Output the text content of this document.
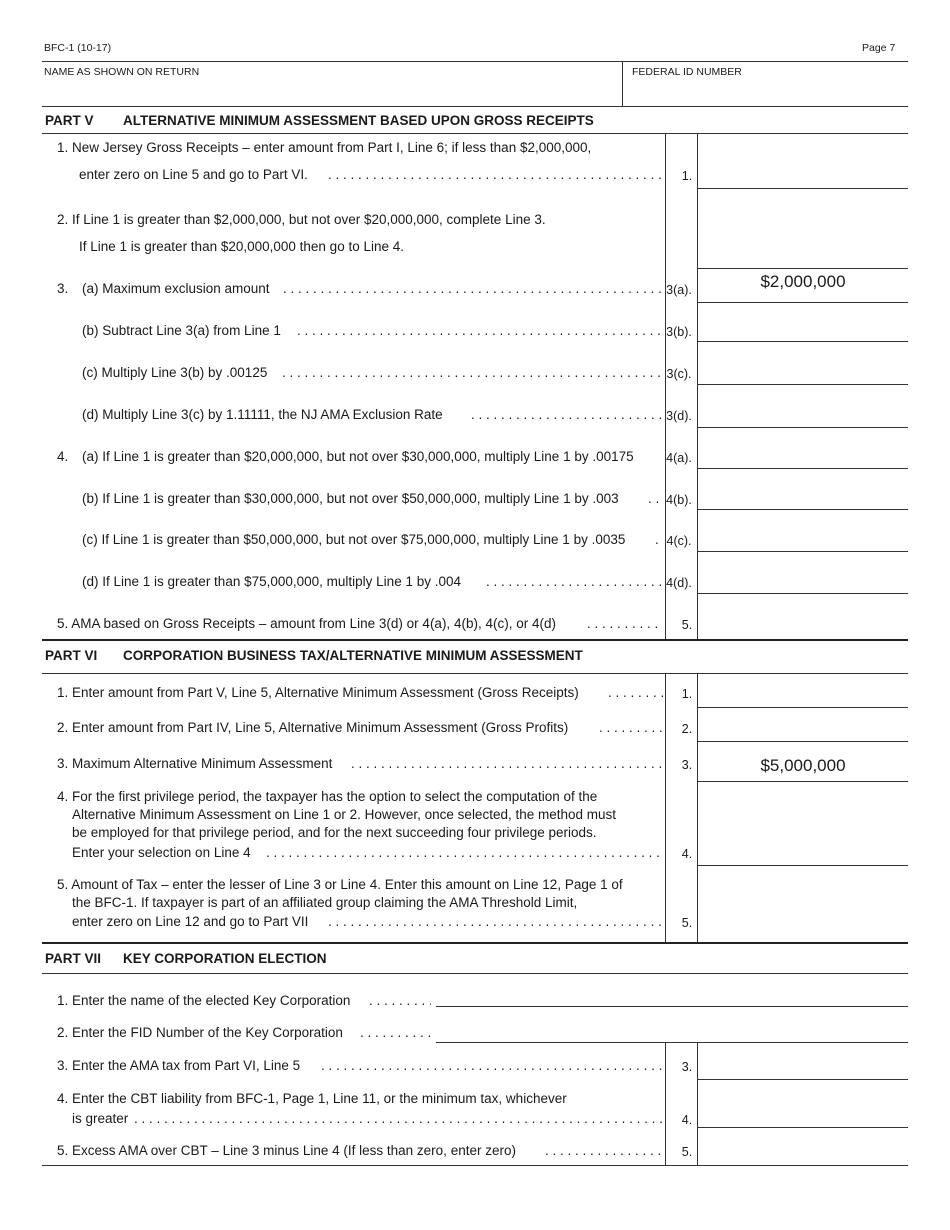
BFC-1 (10-17)	Page 7
NAME AS SHOWN ON RETURN	FEDERAL ID NUMBER
PART V ALTERNATIVE MINIMUM ASSESSMENT BASED UPON GROSS RECEIPTS
1. New Jersey Gross Receipts – enter amount from Part I, Line 6; if less than $2,000,000,
enter zero on Line 5 and go to Part VI. . . .	1.
2. If Line 1 is greater than $2,000,000, but not over $20,000,000, complete Line 3.
If Line 1 is greater than $20,000,000 then go to Line 4.
3. (a) Maximum exclusion amount . . .	3(a).	$2,000,000
(b) Subtract Line 3(a) from Line 1 . . .	3(b).
(c) Multiply Line 3(b) by .00125 . . .	3(c).
(d) Multiply Line 3(c) by 1.11111, the NJ AMA Exclusion Rate . . .	3(d).
4. (a) If Line 1 is greater than $20,000,000, but not over $30,000,000, multiply Line 1 by .00175	4(a).
(b) If Line 1 is greater than $30,000,000, but not over $50,000,000, multiply Line 1 by .003 . . .	4(b).
(c) If Line 1 is greater than $50,000,000, but not over $75,000,000, multiply Line 1 by .0035 . . .	4(c).
(d) If Line 1 is greater than $75,000,000, multiply Line 1 by .004 . . .	4(d).
5. AMA based on Gross Receipts – amount from Line 3(d) or 4(a), 4(b), 4(c), or 4(d) . . .	5.
PART VI CORPORATION BUSINESS TAX/ALTERNATIVE MINIMUM ASSESSMENT
1. Enter amount from Part V, Line 5, Alternative Minimum Assessment (Gross Receipts) . . .	1.
2. Enter amount from Part IV, Line 5, Alternative Minimum Assessment (Gross Profits) . . .	2.
3. Maximum Alternative Minimum Assessment . . .	3.	$5,000,000
4. For the first privilege period, the taxpayer has the option to select the computation of the
Alternative Minimum Assessment on Line 1 or 2. However, once selected, the method must
be employed for that privilege period, and for the next succeeding four privilege periods.
Enter your selection on Line 4 . . .	4.
5. Amount of Tax – enter the lesser of Line 3 or Line 4. Enter this amount on Line 12, Page 1 of
the BFC-1. If taxpayer is part of an affiliated group claiming the AMA Threshold Limit,
enter zero on Line 12 and go to Part VII . . .	5.
PART VII KEY CORPORATION ELECTION
1. Enter the name of the elected Key Corporation
. . .
2. Enter the FID Number of the Key Corporation
. . .
3. Enter the AMA tax from Part VI, Line 5 . . .	3.
4. Enter the CBT liability from BFC-1, Page 1, Line 11, or the minimum tax, whichever
is greater . . .	4.
5. Excess AMA over CBT – Line 3 minus Line 4 (If less than zero, enter zero) . . .	5.
